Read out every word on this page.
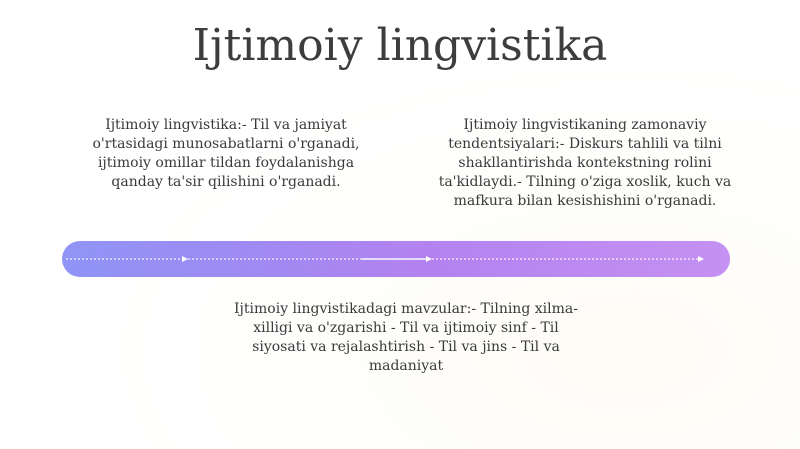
Ijtimoiy lingvistika
Ijtimoiy lingvistika:- Til va jamiyat o'rtasidagi munosabatlarni o'rganadi, ijtimoiy omillar tildan foydalanishga qanday ta'sir qilishini o'rganadi.
Ijtimoiy lingvistikaning zamonaviy tendentsiyalari:- Diskurs tahlili va tilni shakllantirishda kontekstning rolini ta'kidlaydi.- Tilning o'ziga xoslik, kuch va mafkura bilan kesishishini o'rganadi.
Ijtimoiy lingvistikadagi mavzular:- Tilning xilma-xilligi va o'zgarishi - Til va ijtimoiy sinf - Til siyosati va rejalashtirish - Til va jins - Til va madaniyat
